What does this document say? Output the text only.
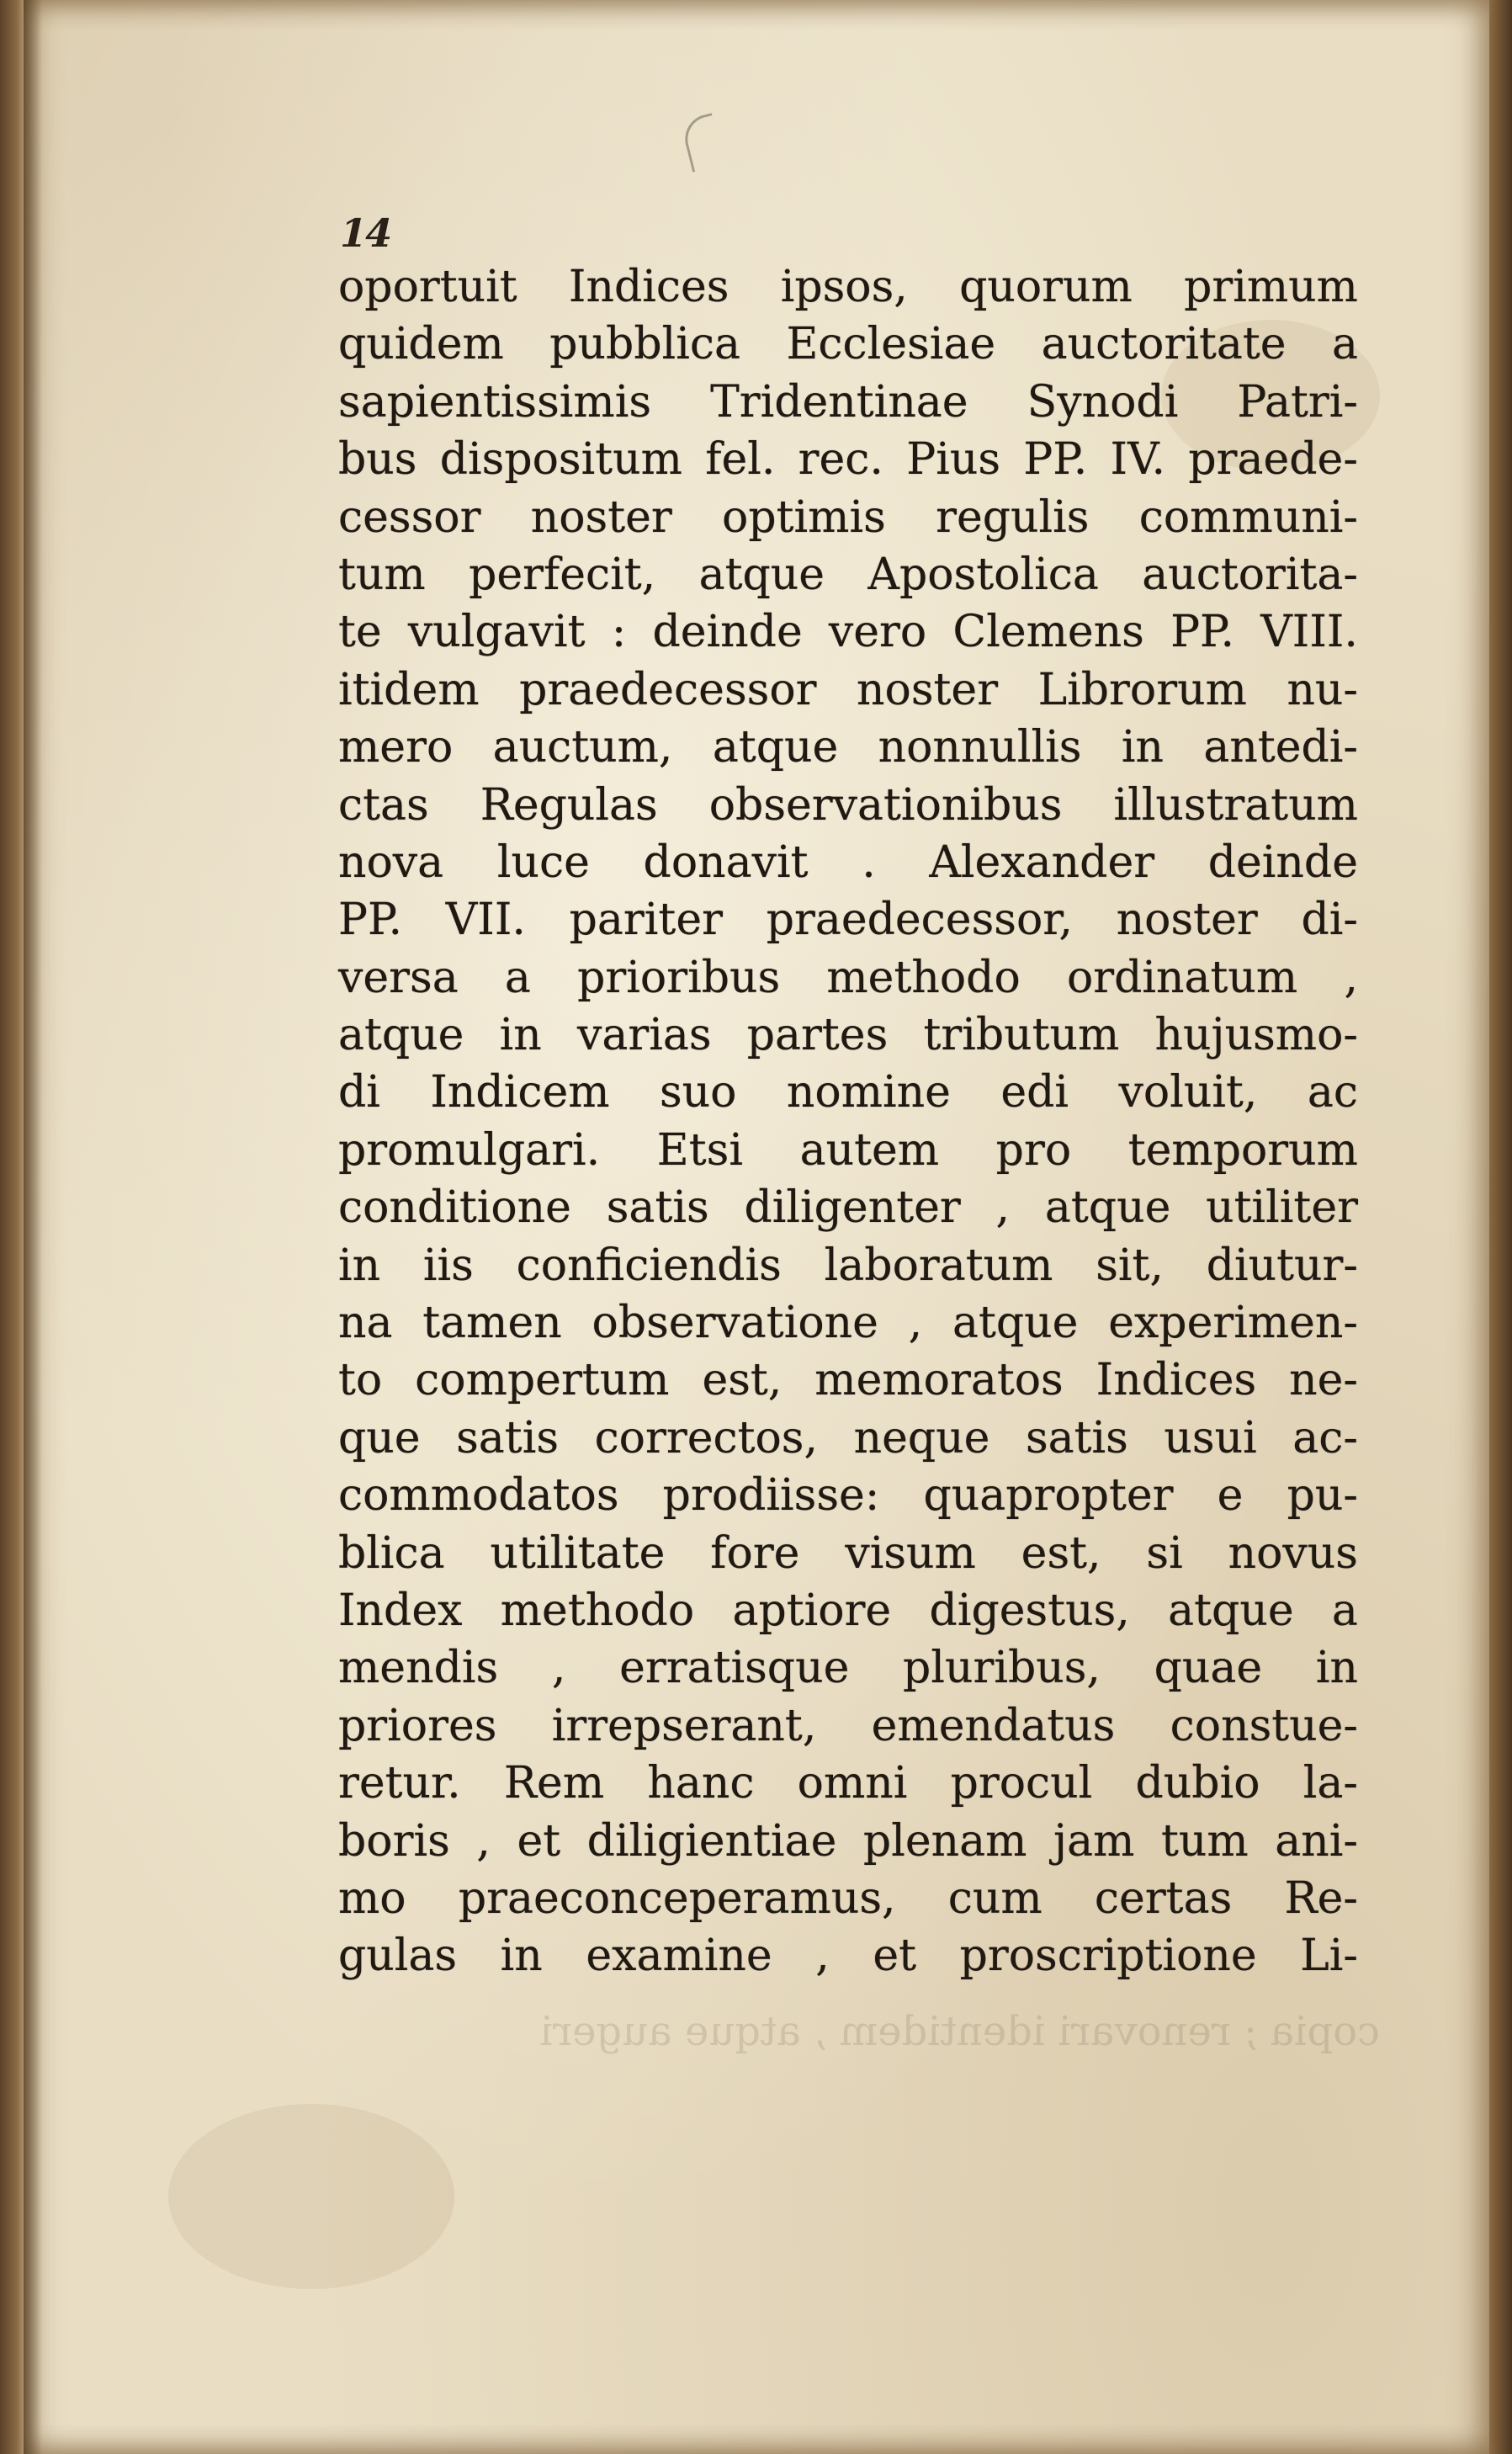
14
oportuit Indices ipsos, quorum primum
quidem pubblica Ecclesiae auctoritate a
sapientissimis Tridentinae Synodi Patri-
bus dispositum fel. rec. Pius PP. IV. praede-
cessor noster optimis regulis communi-
tum perfecit, atque Apostolica auctorita-
te vulgavit : deinde vero Clemens PP. VIII.
itidem praedecessor noster Librorum nu-
mero auctum, atque nonnullis in antedi-
ctas Regulas observationibus illustratum
nova luce donavit . Alexander deinde
PP. VII. pariter praedecessor, noster di-
versa a prioribus methodo ordinatum ,
atque in varias partes tributum hujusmo-
di Indicem suo nomine edi voluit, ac
promulgari. Etsi autem pro temporum
conditione satis diligenter , atque utiliter
in iis conficiendis laboratum sit, diutur-
na tamen observatione , atque experimen-
to compertum est, memoratos Indices ne-
que satis correctos, neque satis usui ac-
commodatos prodiisse: quapropter e pu-
blica utilitate fore visum est, si novus
Index methodo aptiore digestus, atque a
mendis , erratisque pluribus, quae in
priores irrepserant, emendatus constue-
retur. Rem hanc omni procul dubio la-
boris , et diligientiae plenam jam tum ani-
mo praeconceperamus, cum certas Re-
gulas in examine , et proscriptione Li-
copia ; renovari identidem , atque augeri
